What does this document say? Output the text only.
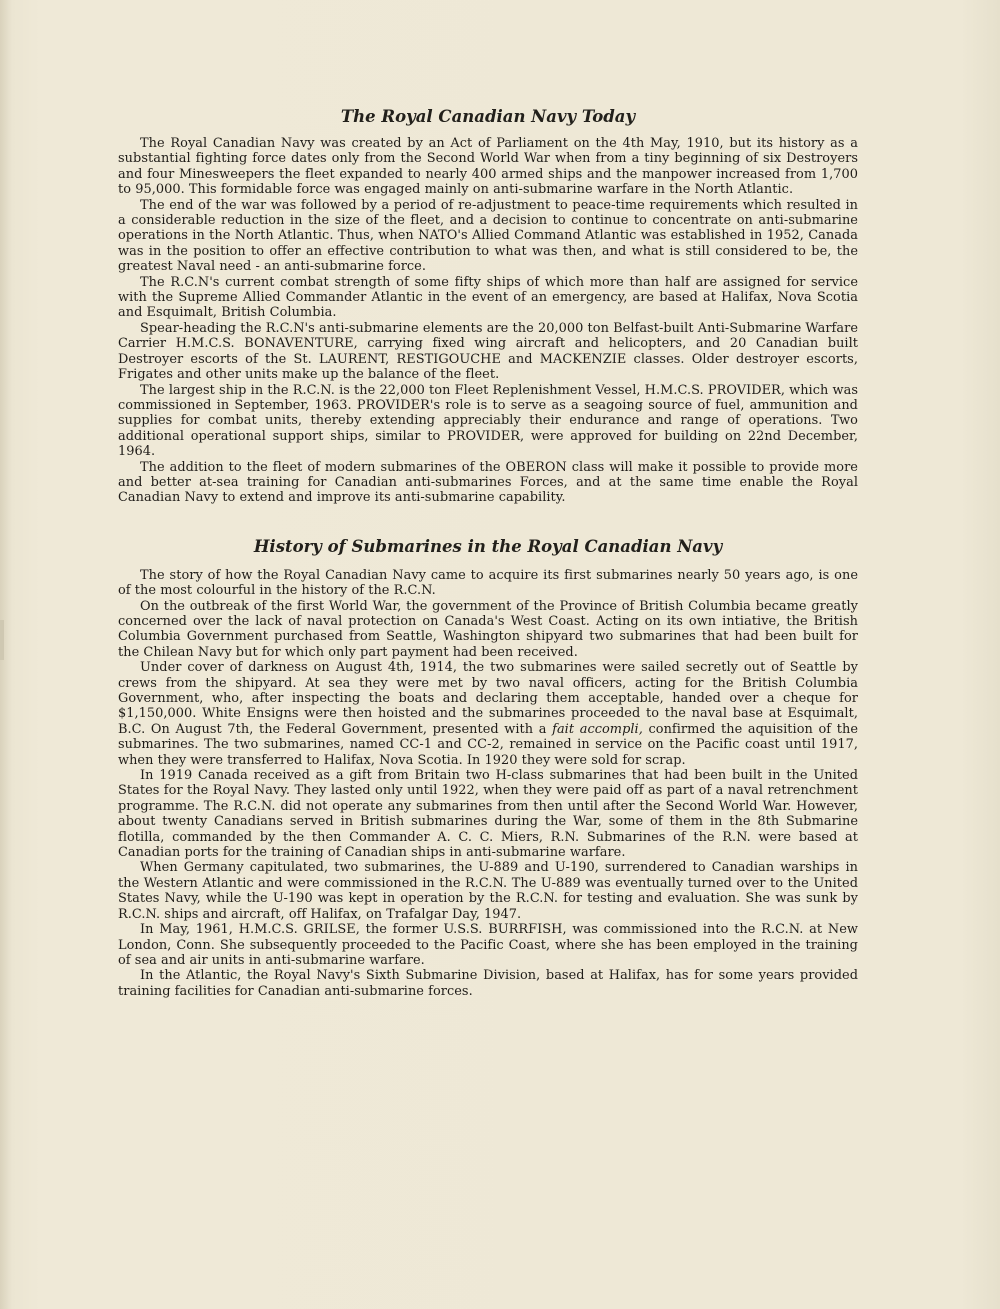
The Royal Canadian Navy Today

The Royal Canadian Navy was created by an Act of Parliament on the 4th May, 1910, but its history as a substantial fighting force dates only from the Second World War when from a tiny beginning of six Destroyers and four Minesweepers the fleet expanded to nearly 400 armed ships and the manpower increased from 1,700 to 95,000. This formidable force was engaged mainly on anti-submarine warfare in the North Atlantic.

The end of the war was followed by a period of re-adjustment to peace-time requirements which resulted in a considerable reduction in the size of the fleet, and a decision to continue to concentrate on anti-submarine operations in the North Atlantic. Thus, when NATO's Allied Command Atlantic was established in 1952, Canada was in the position to offer an effective contribution to what was then, and what is still considered to be, the greatest Naval need - an anti-submarine force.

The R.C.N's current combat strength of some fifty ships of which more than half are assigned for service with the Supreme Allied Commander Atlantic in the event of an emergency, are based at Halifax, Nova Scotia and Esquimalt, British Columbia.

Spear-heading the R.C.N's anti-submarine elements are the 20,000 ton Belfast-built Anti-Submarine Warfare Carrier H.M.C.S. BONAVENTURE, carrying fixed wing aircraft and helicopters, and 20 Canadian built Destroyer escorts of the St. LAURENT, RESTIGOUCHE and MACKENZIE classes. Older destroyer escorts, Frigates and other units make up the balance of the fleet.

The largest ship in the R.C.N. is the 22,000 ton Fleet Replenishment Vessel, H.M.C.S. PROVIDER, which was commissioned in September, 1963. PROVIDER's role is to serve as a seagoing source of fuel, ammunition and supplies for combat units, thereby extending appreciably their endurance and range of operations. Two additional operational support ships, similar to PROVIDER, were approved for building on 22nd December, 1964.

The addition to the fleet of modern submarines of the OBERON class will make it possible to provide more and better at-sea training for Canadian anti-submarines Forces, and at the same time enable the Royal Canadian Navy to extend and improve its anti-submarine capability.

History of Submarines in the Royal Canadian Navy

The story of how the Royal Canadian Navy came to acquire its first submarines nearly 50 years ago, is one of the most colourful in the history of the R.C.N.

On the outbreak of the first World War, the government of the Province of British Columbia became greatly concerned over the lack of naval protection on Canada's West Coast. Acting on its own intiative, the British Columbia Government purchased from Seattle, Washington shipyard two submarines that had been built for the Chilean Navy but for which only part payment had been received.

Under cover of darkness on August 4th, 1914, the two submarines were sailed secretly out of Seattle by crews from the shipyard. At sea they were met by two naval officers, acting for the British Columbia Government, who, after inspecting the boats and declaring them acceptable, handed over a cheque for $1,150,000. White Ensigns were then hoisted and the submarines proceeded to the naval base at Esquimalt, B.C. On August 7th, the Federal Government, presented with a fait accompli, confirmed the aquisition of the submarines. The two submarines, named CC-1 and CC-2, remained in service on the Pacific coast until 1917, when they were transferred to Halifax, Nova Scotia. In 1920 they were sold for scrap.

In 1919 Canada received as a gift from Britain two H-class submarines that had been built in the United States for the Royal Navy. They lasted only until 1922, when they were paid off as part of a naval retrenchment programme. The R.C.N. did not operate any submarines from then until after the Second World War. However, about twenty Canadians served in British submarines during the War, some of them in the 8th Submarine flotilla, commanded by the then Commander A. C. C. Miers, R.N. Submarines of the R.N. were based at Canadian ports for the training of Canadian ships in anti-submarine warfare.

When Germany capitulated, two submarines, the U-889 and U-190, surrendered to Canadian warships in the Western Atlantic and were commissioned in the R.C.N. The U-889 was eventually turned over to the United States Navy, while the U-190 was kept in operation by the R.C.N. for testing and evaluation. She was sunk by R.C.N. ships and aircraft, off Halifax, on Trafalgar Day, 1947.

In May, 1961, H.M.C.S. GRILSE, the former U.S.S. BURRFISH, was commissioned into the R.C.N. at New London, Conn. She subsequently proceeded to the Pacific Coast, where she has been employed in the training of sea and air units in anti-submarine warfare.

In the Atlantic, the Royal Navy's Sixth Submarine Division, based at Halifax, has for some years provided training facilities for Canadian anti-submarine forces.
